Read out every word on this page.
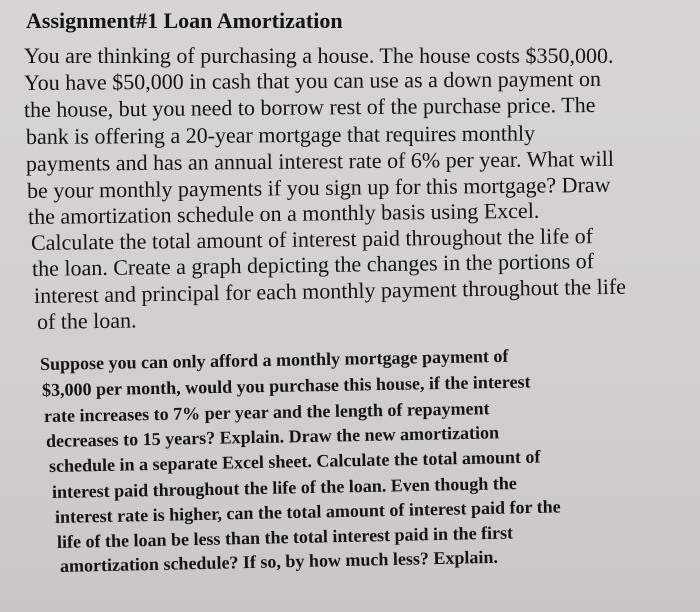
Assignment#1 Loan Amortization
You are thinking of purchasing a house. The house costs $350,000.
You have $50,000 in cash that you can use as a down payment on
the house, but you need to borrow rest of the purchase price. The
bank is offering a 20-year mortgage that requires monthly
payments and has an annual interest rate of 6% per year. What will
be your monthly payments if you sign up for this mortgage? Draw
the amortization schedule on a monthly basis using Excel.
Calculate the total amount of interest paid throughout the life of
the loan. Create a graph depicting the changes in the portions of
interest and principal for each monthly payment throughout the life
of the loan.
Suppose you can only afford a monthly mortgage payment of
$3,000 per month, would you purchase this house, if the interest
rate increases to 7% per year and the length of repayment
decreases to 15 years? Explain. Draw the new amortization
schedule in a separate Excel sheet. Calculate the total amount of
interest paid throughout the life of the loan. Even though the
interest rate is higher, can the total amount of interest paid for the
life of the loan be less than the total interest paid in the first
amortization schedule? If so, by how much less? Explain.
